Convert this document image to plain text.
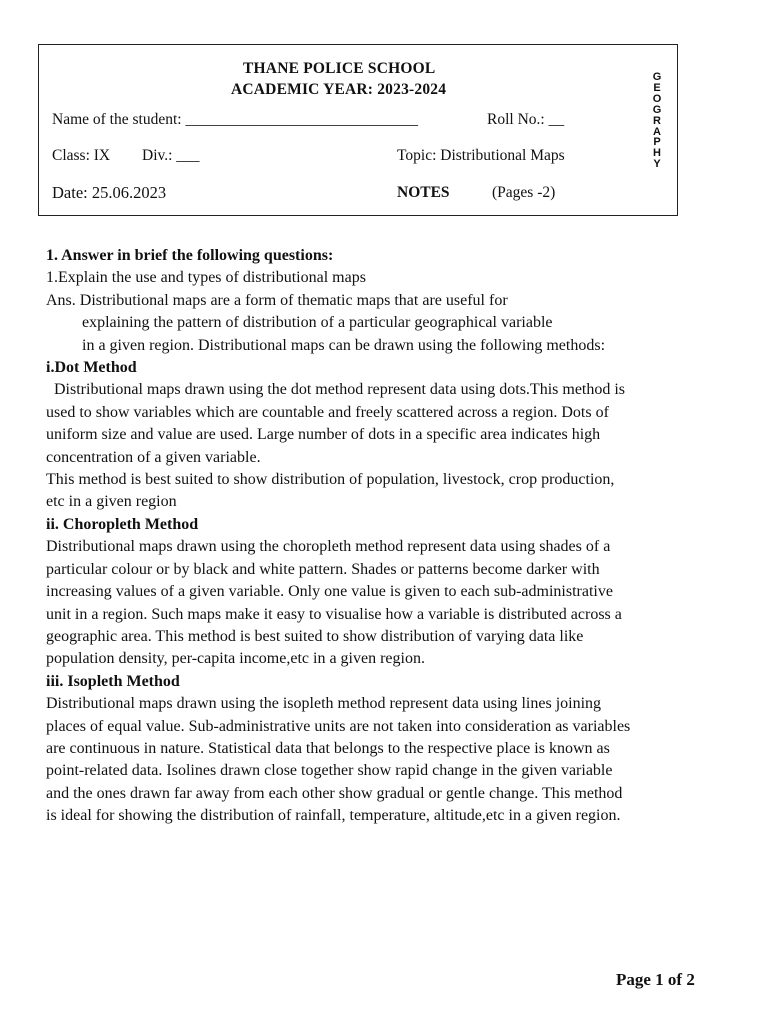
THANE POLICE SCHOOL
ACADEMIC YEAR: 2023-2024
Name of the student: ______________________________	Roll No.: __
Class: IX Div.: ___	Topic: Distributional Maps
Date: 25.06.2023	NOTES	(Pages -2)
G
E
O
G
R
A
P
H
Y

1. Answer in brief the following questions:

1.Explain the use and types of distributional maps

Ans. Distributional maps are a form of thematic maps that are useful for

explaining the pattern of distribution of a particular geographical variable

in a given region. Distributional maps can be drawn using the following methods:

i.Dot Method

Distributional maps drawn using the dot method represent data using dots.This method is

used to show variables which are countable and freely scattered across a region. Dots of

uniform size and value are used. Large number of dots in a specific area indicates high

concentration of a given variable.

This method is best suited to show distribution of population, livestock, crop production,

etc in a given region

ii. Choropleth Method

Distributional maps drawn using the choropleth method represent data using shades of a

particular colour or by black and white pattern. Shades or patterns become darker with

increasing values of a given variable. Only one value is given to each sub-administrative

unit in a region. Such maps make it easy to visualise how a variable is distributed across a

geographic area. This method is best suited to show distribution of varying data like

population density, per-capita income,etc in a given region.

iii. Isopleth Method

Distributional maps drawn using the isopleth method represent data using lines joining

places of equal value. Sub-administrative units are not taken into consideration as variables

are continuous in nature. Statistical data that belongs to the respective place is known as

point-related data. Isolines drawn close together show rapid change in the given variable

and the ones drawn far away from each other show gradual or gentle change. This method

is ideal for showing the distribution of rainfall, temperature, altitude,etc in a given region.

Page 1 of 2
